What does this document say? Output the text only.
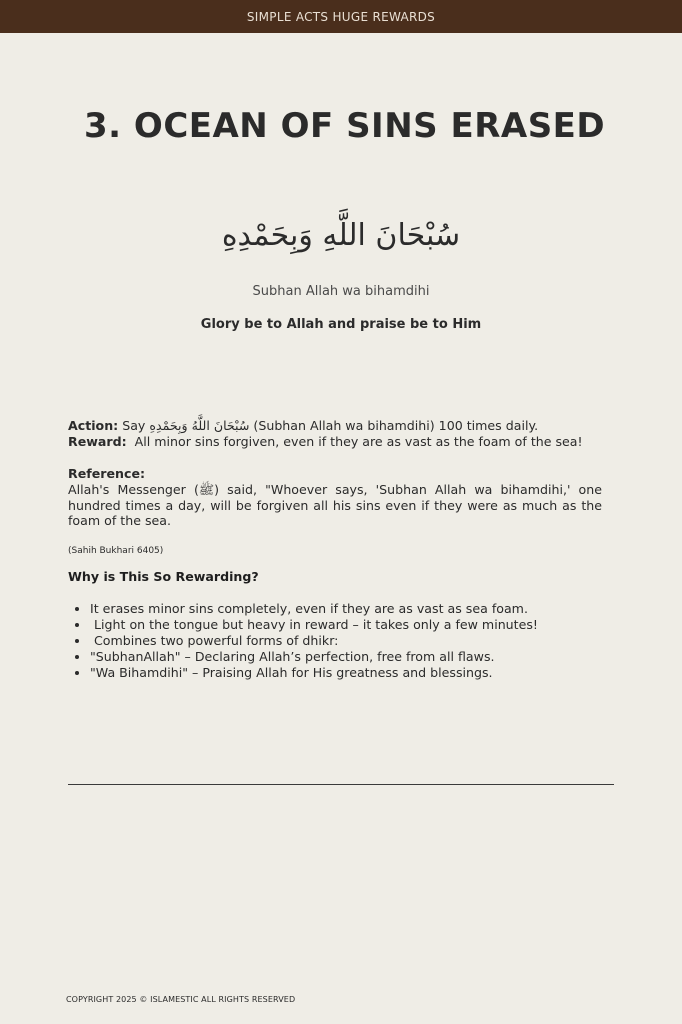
SIMPLE ACTS HUGE REWARDS
3. OCEAN OF SINS ERASED
سُبْحَانَ اللَّهِ وَبِحَمْدِهِ
Subhan Allah wa bihamdihi
Glory be to Allah and praise be to Him
Action: Say سُبْحَانَ اللَّهُ وَبِحَمْدِهِ (Subhan Allah wa bihamdihi) 100 times daily.
Reward:  All minor sins forgiven, even if they are as vast as the foam of the sea!
Reference:
Allah's Messenger (ﷺ) said, "Whoever says, 'Subhan Allah wa bihamdihi,' one hundred times a day, will be forgiven all his sins even if they were as much as the foam of the sea.
(Sahih Bukhari 6405)
Why is This So Rewarding?
• It erases minor sins completely, even if they are as vast as sea foam.
•  Light on the tongue but heavy in reward – it takes only a few minutes!
•  Combines two powerful forms of dhikr:
• "SubhanAllah" – Declaring Allah’s perfection, free from all flaws.
• "Wa Bihamdihi" – Praising Allah for His greatness and blessings.
COPYRIGHT 2025 © ISLAMESTIC ALL RIGHTS RESERVED
